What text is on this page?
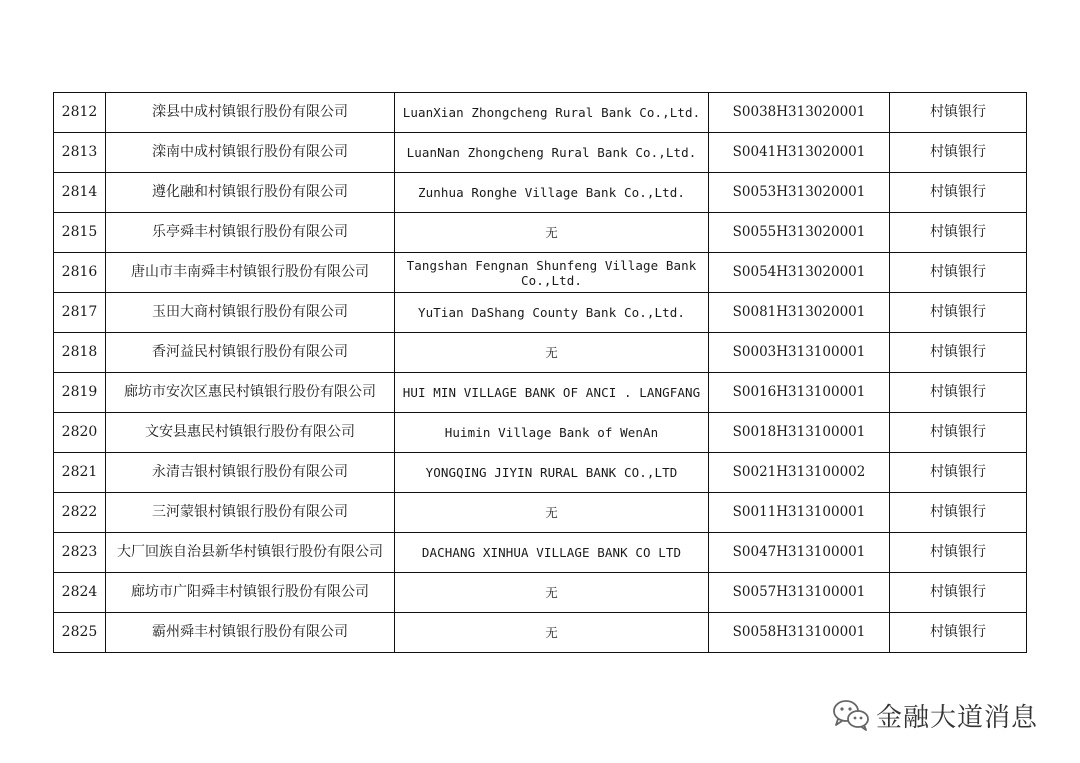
2812	滦县中成村镇银行股份有限公司	LuanXian Zhongcheng Rural Bank Co.,Ltd.	S0038H313020001	村镇银行
2813	滦南中成村镇银行股份有限公司	LuanNan Zhongcheng Rural Bank Co.,Ltd.	S0041H313020001	村镇银行
2814	遵化融和村镇银行股份有限公司	Zunhua Ronghe Village Bank Co.,Ltd.	S0053H313020001	村镇银行
2815	乐亭舜丰村镇银行股份有限公司	无	S0055H313020001	村镇银行
2816	唐山市丰南舜丰村镇银行股份有限公司	Tangshan Fengnan Shunfeng Village Bank Co.,Ltd.	S0054H313020001	村镇银行
2817	玉田大商村镇银行股份有限公司	YuTian DaShang County Bank Co.,Ltd.	S0081H313020001	村镇银行
2818	香河益民村镇银行股份有限公司	无	S0003H313100001	村镇银行
2819	廊坊市安次区惠民村镇银行股份有限公司	HUI MIN VILLAGE BANK OF ANCI . LANGFANG	S0016H313100001	村镇银行
2820	文安县惠民村镇银行股份有限公司	Huimin Village Bank of WenAn	S0018H313100001	村镇银行
2821	永清吉银村镇银行股份有限公司	YONGQING JIYIN RURAL BANK CO.,LTD	S0021H313100002	村镇银行
2822	三河蒙银村镇银行股份有限公司	无	S0011H313100001	村镇银行
2823	大厂回族自治县新华村镇银行股份有限公司	DACHANG XINHUA VILLAGE BANK CO LTD	S0047H313100001	村镇银行
2824	廊坊市广阳舜丰村镇银行股份有限公司	无	S0057H313100001	村镇银行
2825	霸州舜丰村镇银行股份有限公司	无	S0058H313100001	村镇银行
金融大道消息
